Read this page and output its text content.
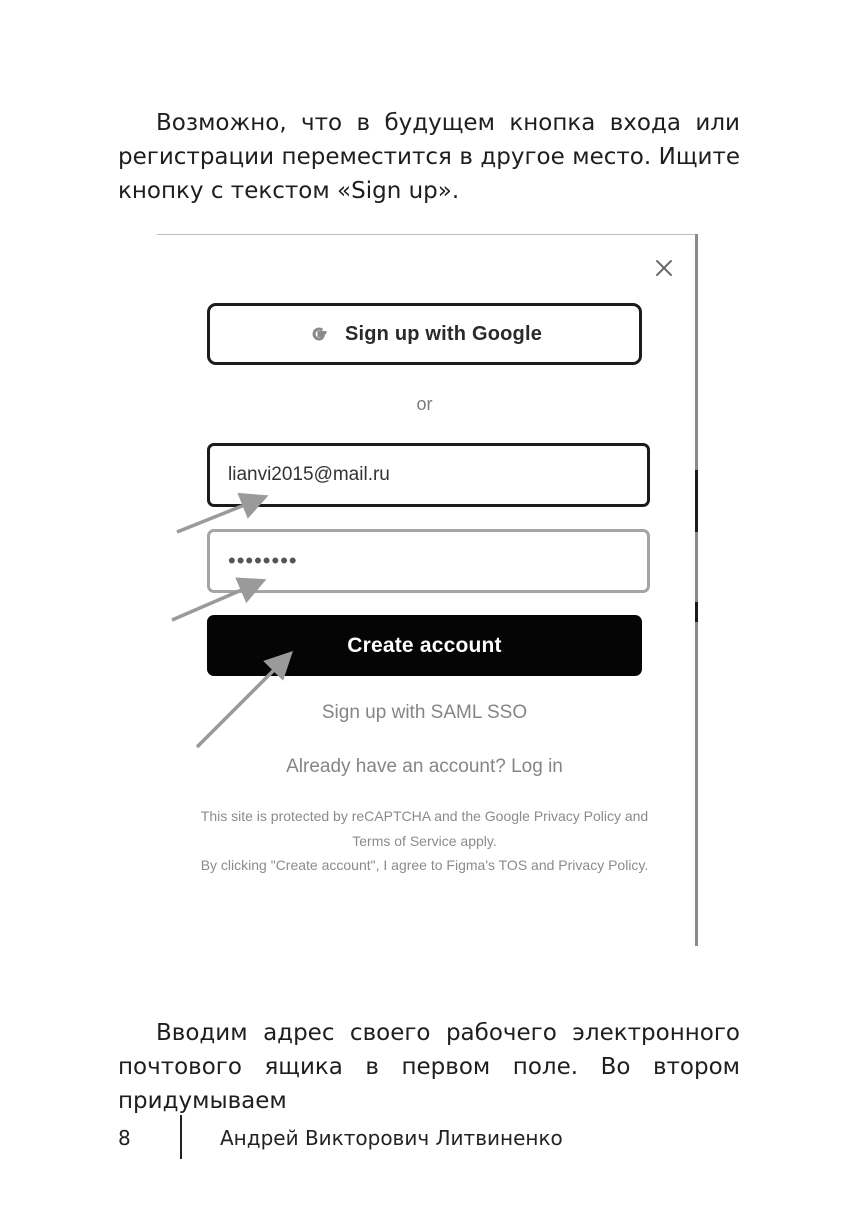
Возможно, что в будущем кнопка входа или регистрации переместится в другое место. Ищите кнопку с текстом «Sign up».

Sign up with Google
or
lianvi2015@mail.ru
••••••••
Create account
Sign up with SAML SSO
Already have an account? Log in
This site is protected by reCAPTCHA and the Google Privacy Policy and Terms of Service apply.
By clicking "Create account", I agree to Figma's TOS and Privacy Policy.

Вводим адрес своего рабочего электронного почтового ящика в первом поле. Во втором придумываем

8	Андрей Викторович Литвиненко
